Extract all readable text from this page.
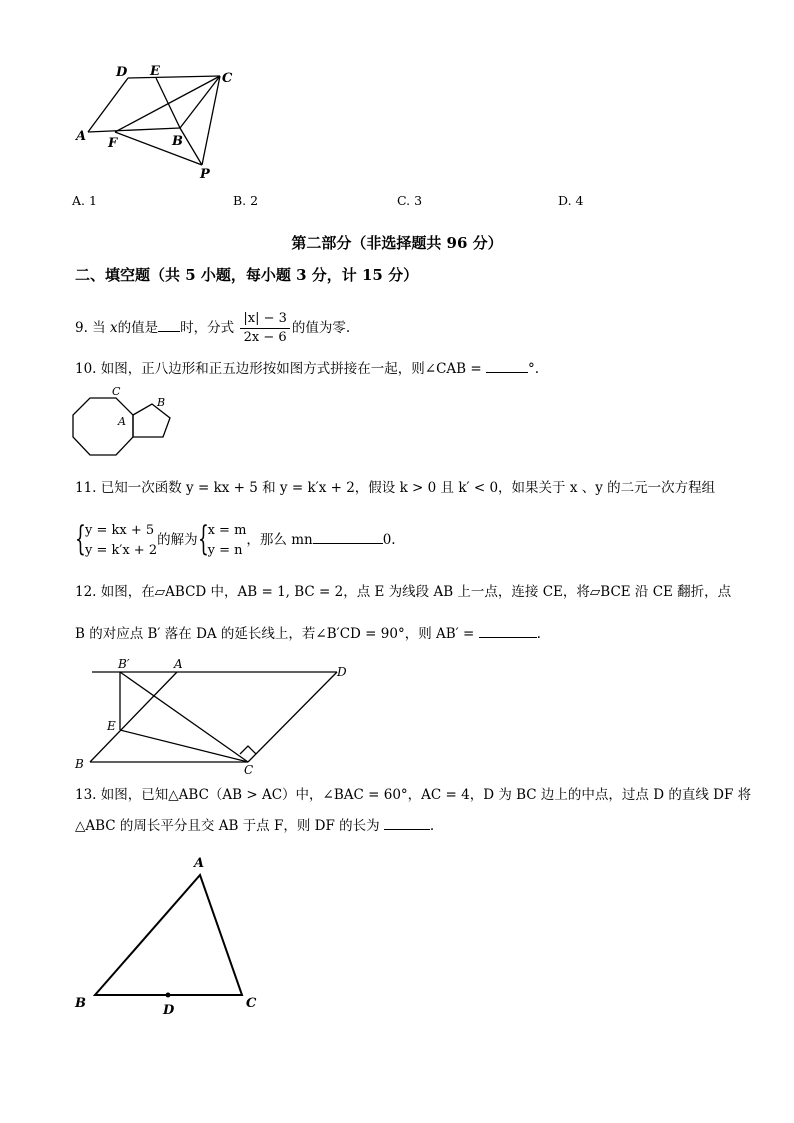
D E	C
A F	B
P
A. 1	B. 2	C. 3	D. 4
第二部分（非选择题共 96 分）
二、填空题（共 5 小题，每小题 3 分，计 15 分）
9. 当 x的值是 时，分式 $\frac{|x| - 3}{2x - 6}$ 的值为零.
10. 如图，正八边形和正五边形按如图方式拼接在一起，则∠CAB =	°.
C
A
B
11. 已知一次函数 y = kx + 5 和 y = k′x + 2，假设 k > 0 且 k′ < 0，如果关于 x 、y 的二元一次方程组
{ y = kx + 5
y = k′x + 2
的解为 { x = m
y = n
，那么 mn	0.
12. 如图，在▱ABCD 中，AB = 1, BC = 2，点 E 为线段 AB 上一点，连接 CE，将▱BCE 沿 CE 翻折，点
B 的对应点 B′ 落在 DA 的延长线上，若∠B′CD = 90°，则 AB′ =	.
B′	A
D
E
B	C
13. 如图，已知△ABC（AB > AC）中，∠BAC = 60°，AC = 4，D 为 BC 边上的中点，过点 D 的直线 DF 将
△ABC 的周长平分且交 AB 于点 F，则 DF 的长为	.
A
B	C
D
